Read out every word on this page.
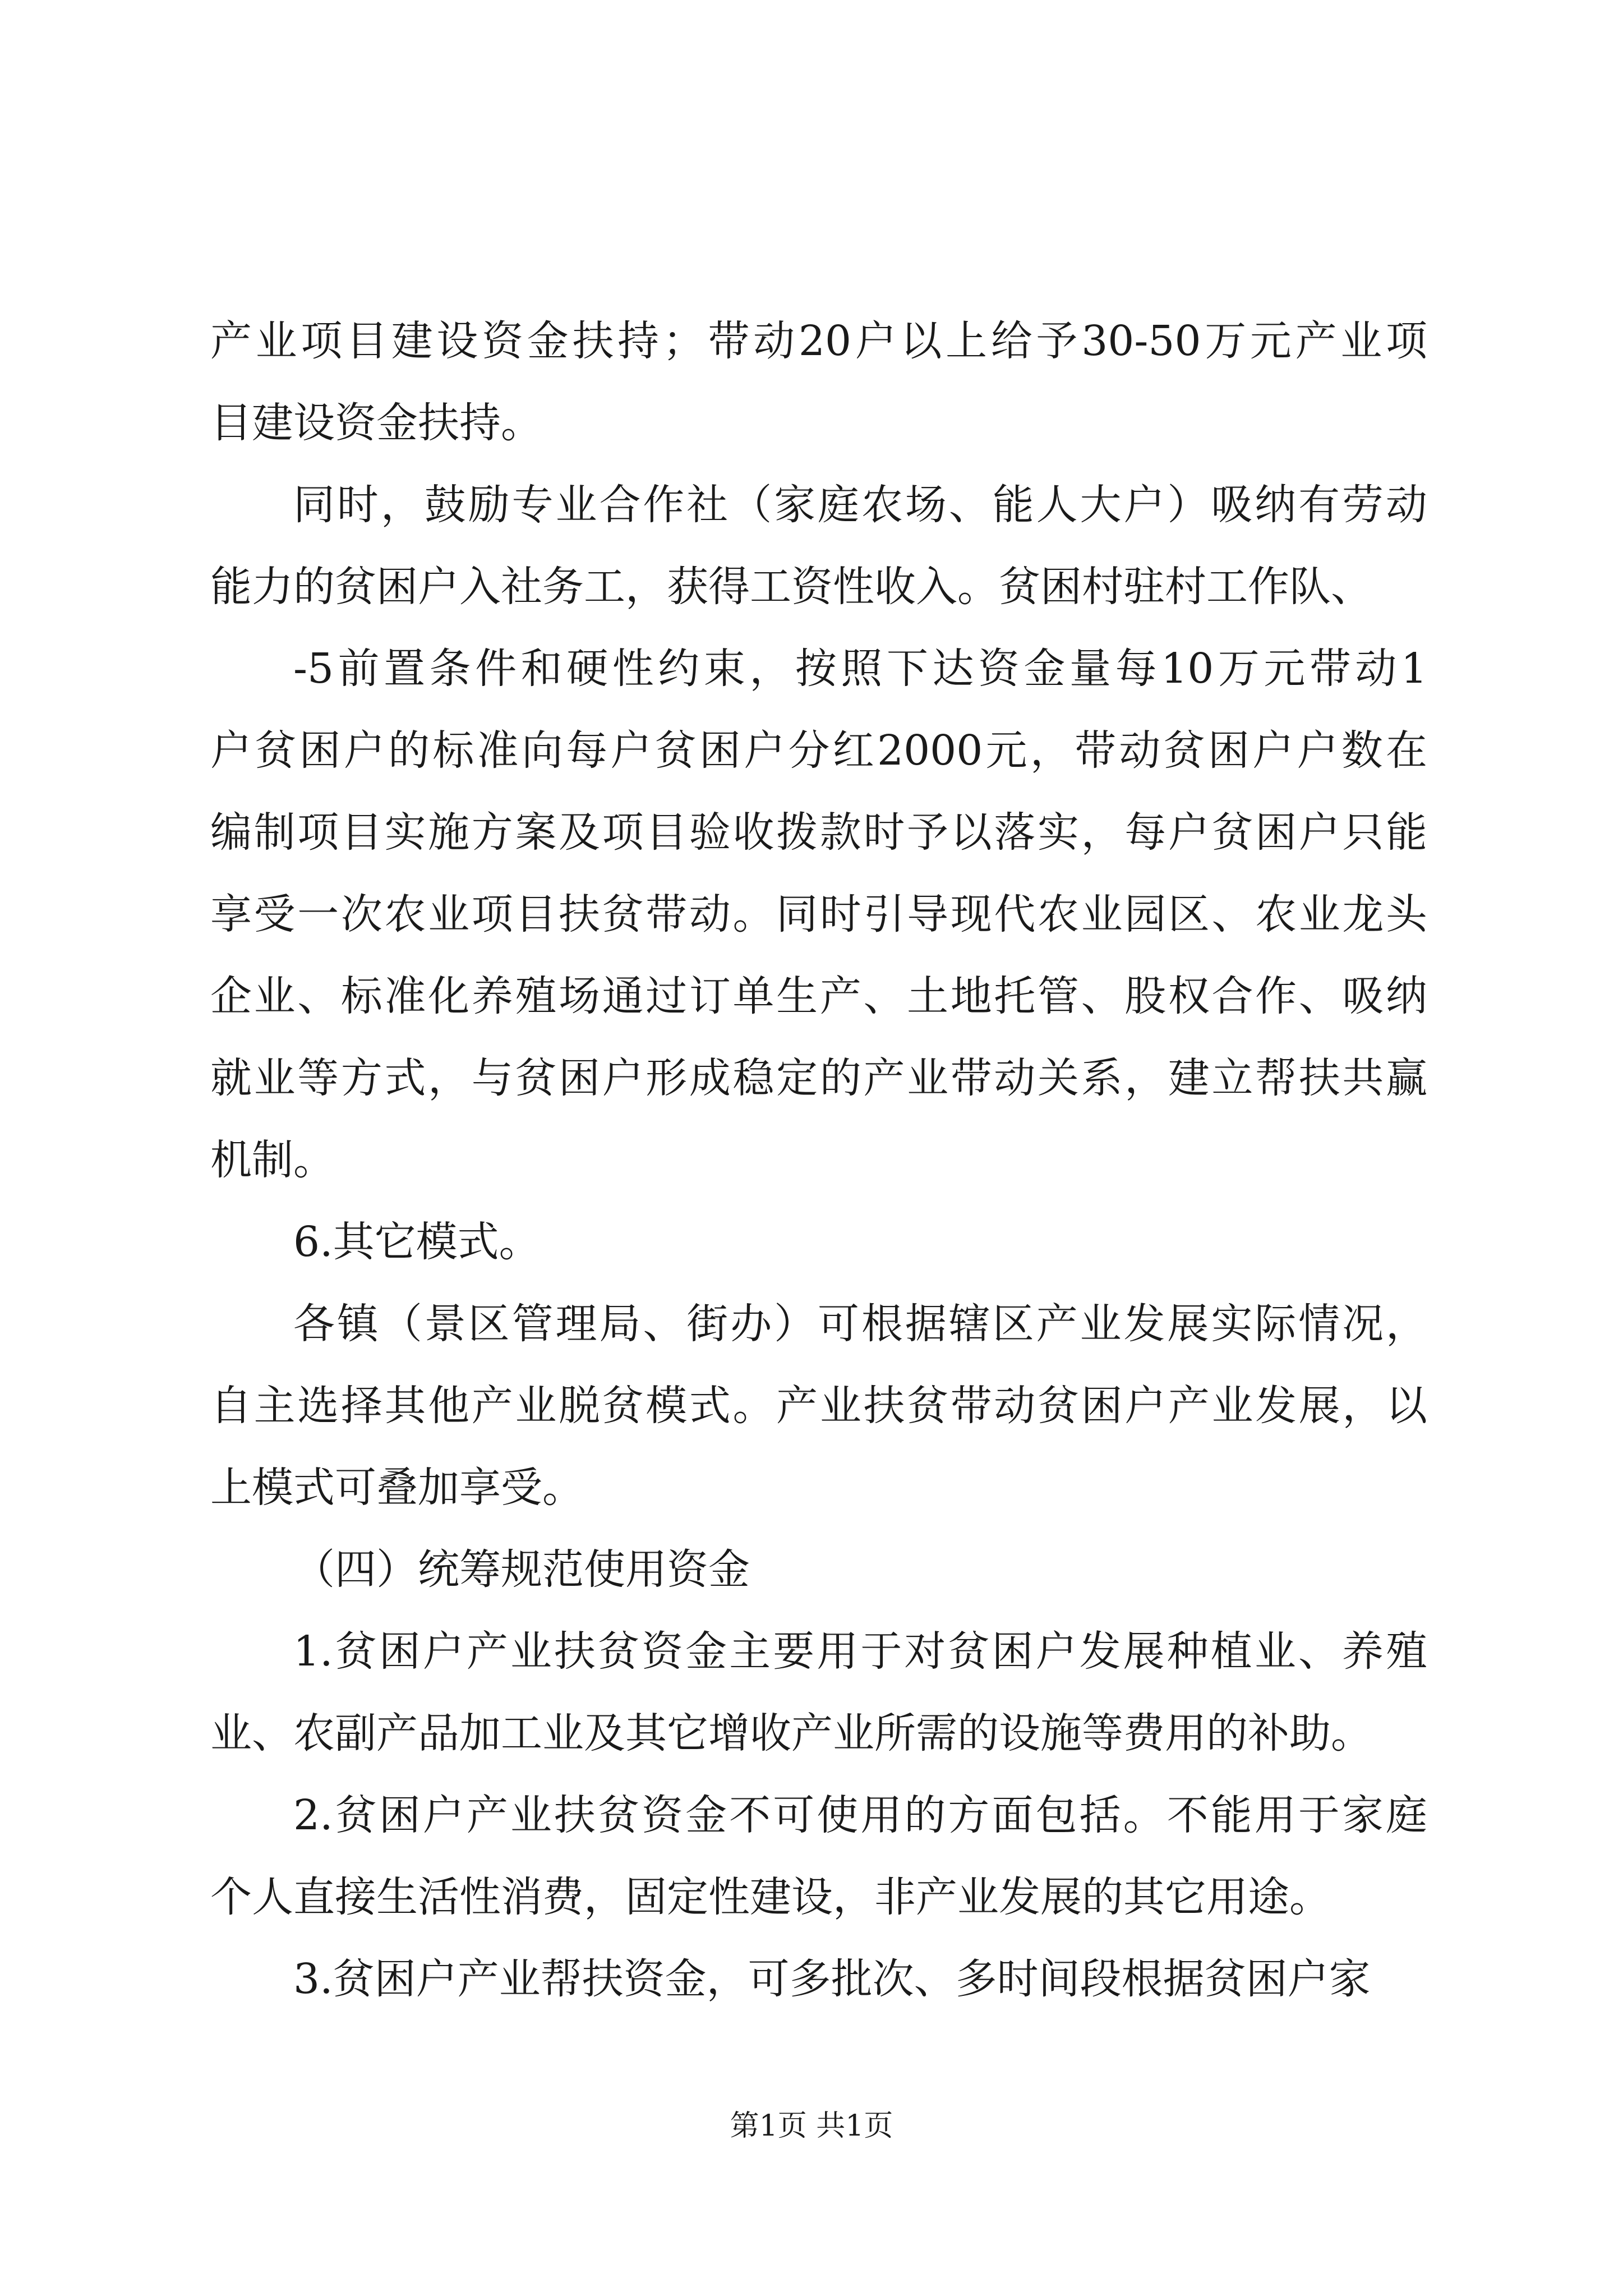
产业项目建设资金扶持；带动20户以上给予30-50万元产业项
目建设资金扶持。
同时，鼓励专业合作社（家庭农场、能人大户）吸纳有劳动
能力的贫困户入社务工，获得工资性收入。贫困村驻村工作队、
-5前置条件和硬性约束，按照下达资金量每10万元带动1
户贫困户的标准向每户贫困户分红2000元，带动贫困户户数在
编制项目实施方案及项目验收拨款时予以落实，每户贫困户只能
享受一次农业项目扶贫带动。同时引导现代农业园区、农业龙头
企业、标准化养殖场通过订单生产、土地托管、股权合作、吸纳
就业等方式，与贫困户形成稳定的产业带动关系，建立帮扶共赢
机制。
6.其它模式。
各镇（景区管理局、街办）可根据辖区产业发展实际情况，
自主选择其他产业脱贫模式。产业扶贫带动贫困户产业发展，以
上模式可叠加享受。
（四）统筹规范使用资金
1.贫困户产业扶贫资金主要用于对贫困户发展种植业、养殖
业、农副产品加工业及其它增收产业所需的设施等费用的补助。
2.贫困户产业扶贫资金不可使用的方面包括。不能用于家庭
个人直接生活性消费，固定性建设，非产业发展的其它用途。
3.贫困户产业帮扶资金，可多批次、多时间段根据贫困户家
第1页 共1页
